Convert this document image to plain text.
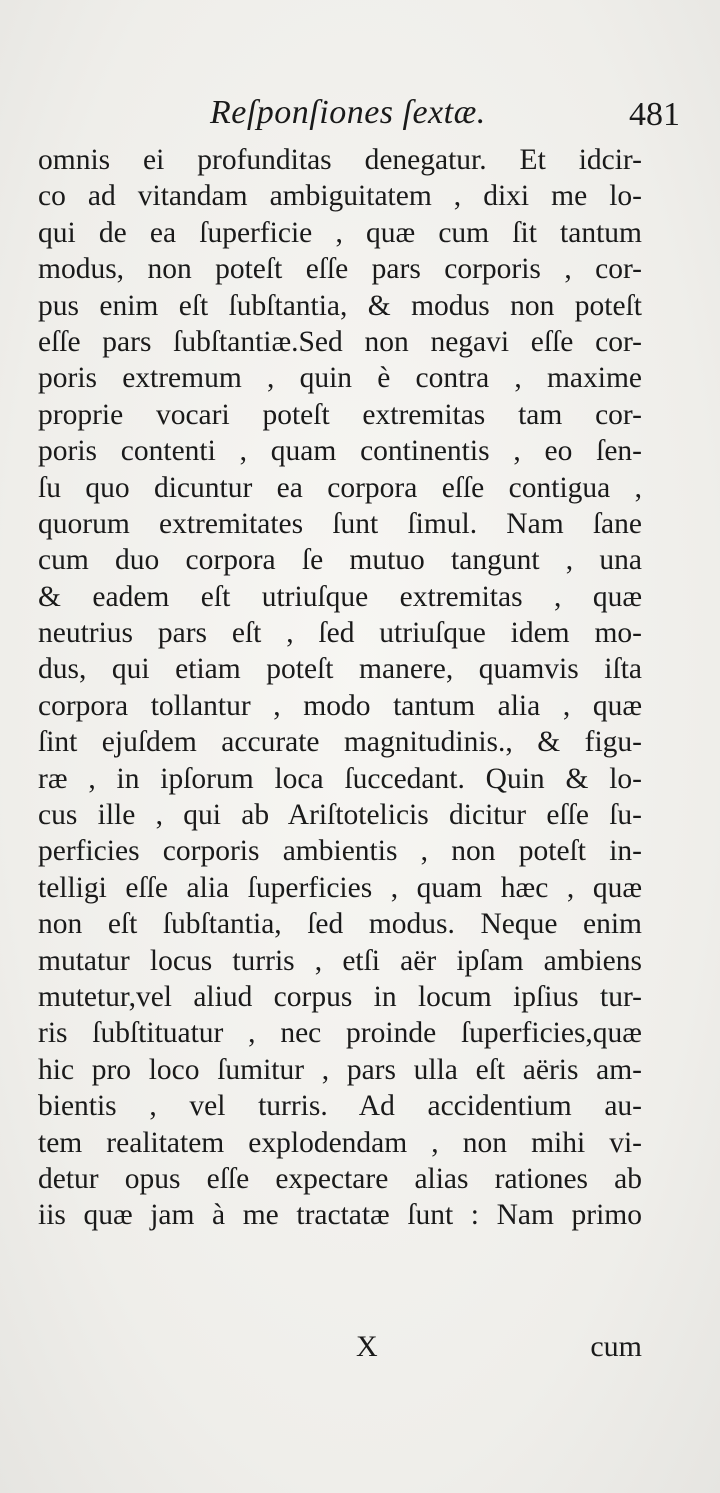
Reſponſiones ſextæ.	481
omnis ei profunditas denegatur. Et idcir-
co ad vitandam ambiguitatem , dixi me lo-
qui de ea ſuperficie , quæ cum ſit tantum
modus, non poteſt eſſe pars corporis , cor-
pus enim eſt ſubſtantia, & modus non poteſt
eſſe pars ſubſtantiæ.Sed non negavi eſſe cor-
poris extremum , quin è contra , maxime
proprie vocari poteſt extremitas tam cor-
poris contenti , quam continentis , eo ſen-
ſu quo dicuntur ea corpora eſſe contigua ,
quorum extremitates ſunt ſimul. Nam ſane
cum duo corpora ſe mutuo tangunt , una
& eadem eſt utriuſque extremitas , quæ
neutrius pars eſt , ſed utriuſque idem mo-
dus, qui etiam poteſt manere, quamvis iſta
corpora tollantur , modo tantum alia , quæ
ſint ejuſdem accurate magnitudinis., & figu-
ræ , in ipſorum loca ſuccedant. Quin & lo-
cus ille , qui ab Ariſtotelicis dicitur eſſe ſu-
perficies corporis ambientis , non poteſt in-
telligi eſſe alia ſuperficies , quam hæc , quæ
non eſt ſubſtantia, ſed modus. Neque enim
mutatur locus turris , etſi aër ipſam ambiens
mutetur,vel aliud corpus in locum ipſius tur-
ris ſubſtituatur , nec proinde ſuperficies,quæ
hic pro loco ſumitur , pars ulla eſt aëris am-
bientis , vel turris. Ad accidentium au-
tem realitatem explodendam , non mihi vi-
detur opus eſſe expectare alias rationes ab
iis quæ jam à me tractatæ ſunt : Nam primo
X	cum
